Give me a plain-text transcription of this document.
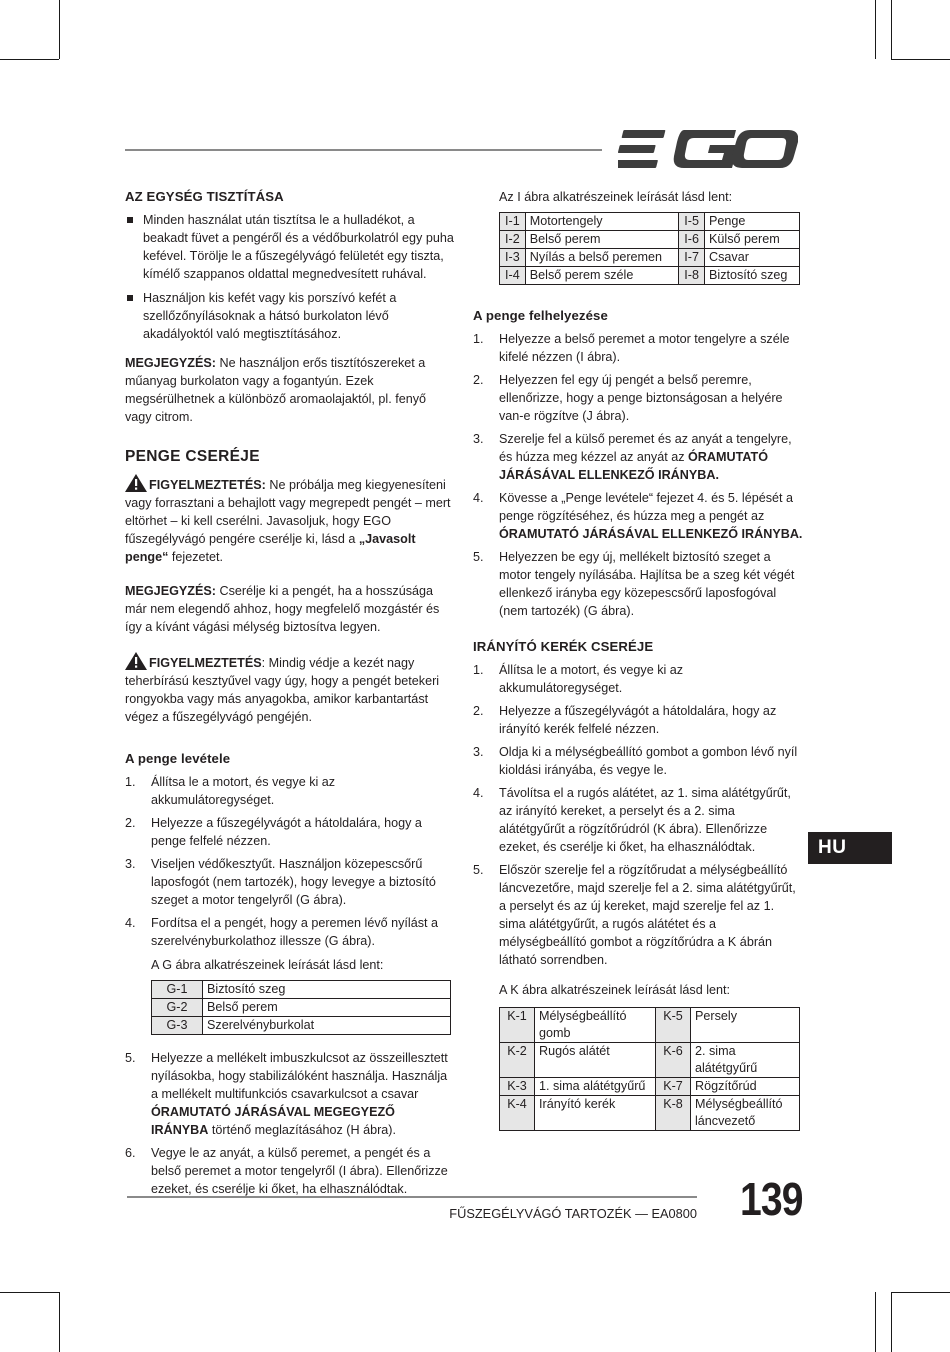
AZ EGYSÉG TISZTÍTÁSA
Minden használat után tisztítsa le a hulladékot, a beakadt füvet a pengéről és a védőburkolatról egy puha kefével. Törölje le a fűszegélyvágó felületét egy tiszta, kímélő szappanos oldattal megnedvesített ruhával.
Használjon kis kefét vagy kis porszívó kefét a szellőzőnyílásoknak a hátsó burkolaton lévő akadályoktól való megtisztításához.

MEGJEGYZÉS: Ne használjon erős tisztítószereket a műanyag burkolaton vagy a fogantyún. Ezek megsérülhetnek a különböző aromaolajaktól, pl. fenyő vagy citrom.

PENGE CSERÉJE

FIGYELMEZTETÉS: Ne próbálja meg kiegyenesíteni vagy forrasztani a behajlott vagy megrepedt pengét – mert eltörhet – ki kell cserélni. Javasoljuk, hogy EGO fűszegélyvágó pengére cserélje ki, lásd a „Javasolt penge“ fejezetet.

MEGJEGYZÉS: Cserélje ki a pengét, ha a hosszúsága már nem elegendő ahhoz, hogy megfelelő mozgástér és így a kívánt vágási mélység biztosítva legyen.

FIGYELMEZTETÉS: Mindig védje a kezét nagy teherbírású kesztyűvel vagy úgy, hogy a pengét betekeri rongyokba vagy más anyagokba, amikor karbantartást végez a fűszegélyvágó pengéjén.

A penge levétele
1. Állítsa le a motort, és vegye ki az akkumulátoregységet.
2. Helyezze a fűszegélyvágót a hátoldalára, hogy a penge felfelé nézzen.
3. Viseljen védőkesztyűt. Használjon közepescsőrű laposfogót (nem tartozék), hogy levegye a biztosító szeget a motor tengelyről (G ábra).
4. Fordítsa el a pengét, hogy a peremen lévő nyílást a szerelvényburkolathoz illessze (G ábra).
A G ábra alkatrészeinek leírását lásd lent:
G-1	Biztosító szeg
G-2	Belső perem
G-3	Szerelvényburkolat
5. Helyezze a mellékelt imbuszkulcsot az összeillesztett nyílásokba, hogy stabilizálóként használja. Használja a mellékelt multifunkciós csavarkulcsot a csavar ÓRAMUTATÓ JÁRÁSÁVAL MEGEGYEZŐ IRÁNYBA történő meglazításához (H ábra).
6. Vegye le az anyát, a külső peremet, a pengét és a belső peremet a motor tengelyről (I ábra). Ellenőrizze ezeket, és cserélje ki őket, ha elhasználódtak.
Az I ábra alkatrészeinek leírását lásd lent:
I-1	Motortengely	I-5	Penge
I-2	Belső perem	I-6	Külső perem
I-3	Nyílás a belső peremen	I-7	Csavar
I-4	Belső perem széle	I-8	Biztosító szeg
A penge felhelyezése
1. Helyezze a belső peremet a motor tengelyre a széle kifelé nézzen (I ábra).
2. Helyezzen fel egy új pengét a belső peremre, ellenőrizze, hogy a penge biztonságosan a helyére van-e rögzítve (J ábra).
3. Szerelje fel a külső peremet és az anyát a tengelyre, és húzza meg kézzel az anyát az ÓRAMUTATÓ JÁRÁSÁVAL ELLENKEZŐ IRÁNYBA.
4. Kövesse a „Penge levétele“ fejezet 4. és 5. lépését a penge rögzítéséhez, és húzza meg a pengét az ÓRAMUTATÓ JÁRÁSÁVAL ELLENKEZŐ IRÁNYBA.
5. Helyezzen be egy új, mellékelt biztosító szeget a motor tengely nyílásába. Hajlítsa be a szeg két végét ellenkező irányba egy közepescsőrű laposfogóval (nem tartozék) (G ábra).
IRÁNYÍTÓ KERÉK CSERÉJE
1. Állítsa le a motort, és vegye ki az akkumulátoregységet.
2. Helyezze a fűszegélyvágót a hátoldalára, hogy az irányító kerék felfelé nézzen.
3. Oldja ki a mélységbeállító gombot a gombon lévő nyíl kioldási irányába, és vegye le.
4. Távolítsa el a rugós alátétet, az 1. sima alátétgyűrűt, az irányító kereket, a perselyt és a 2. sima alátétgyűrűt a rögzítőrúdról (K ábra). Ellenőrizze ezeket, és cserélje ki őket, ha elhasználódtak.
5. Először szerelje fel a rögzítőrudat a mélységbeállító láncvezetőre, majd szerelje fel a 2. sima alátétgyűrűt, a perselyt és az új kereket, majd szerelje fel az 1. sima alátétgyűrűt, a rugós alátétet és a mélységbeállító gombot a rögzítőrúdra a K ábrán látható sorrendben.
A K ábra alkatrészeinek leírását lásd lent:
K-1	Mélységbeállító gomb	K-5	Persely
K-2	Rugós alátét	K-6	2. sima alátétgyűrű
K-3	1. sima alátétgyűrű	K-7	Rögzítőrúd
K-4	Irányító kerék	K-8	Mélységbeállító láncvezető
HU
FŰSZEGÉLYVÁGÓ TARTOZÉK — EA0800 139
